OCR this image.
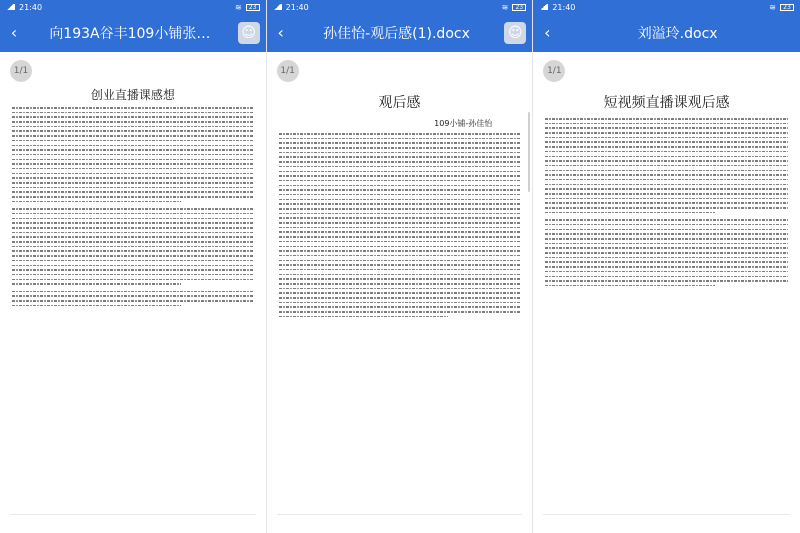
21:40	≋	23
‹	向193A谷丰109小铺张…	☺
1/1
创业直播课感想
21:40	≋	23
‹	孙佳怡-观后感(1).docx	☺
1/1
观后感
109小铺-孙佳怡
21:40	≋	23
‹	刘溢玲.docx
1/1
短视频直播课观后感
